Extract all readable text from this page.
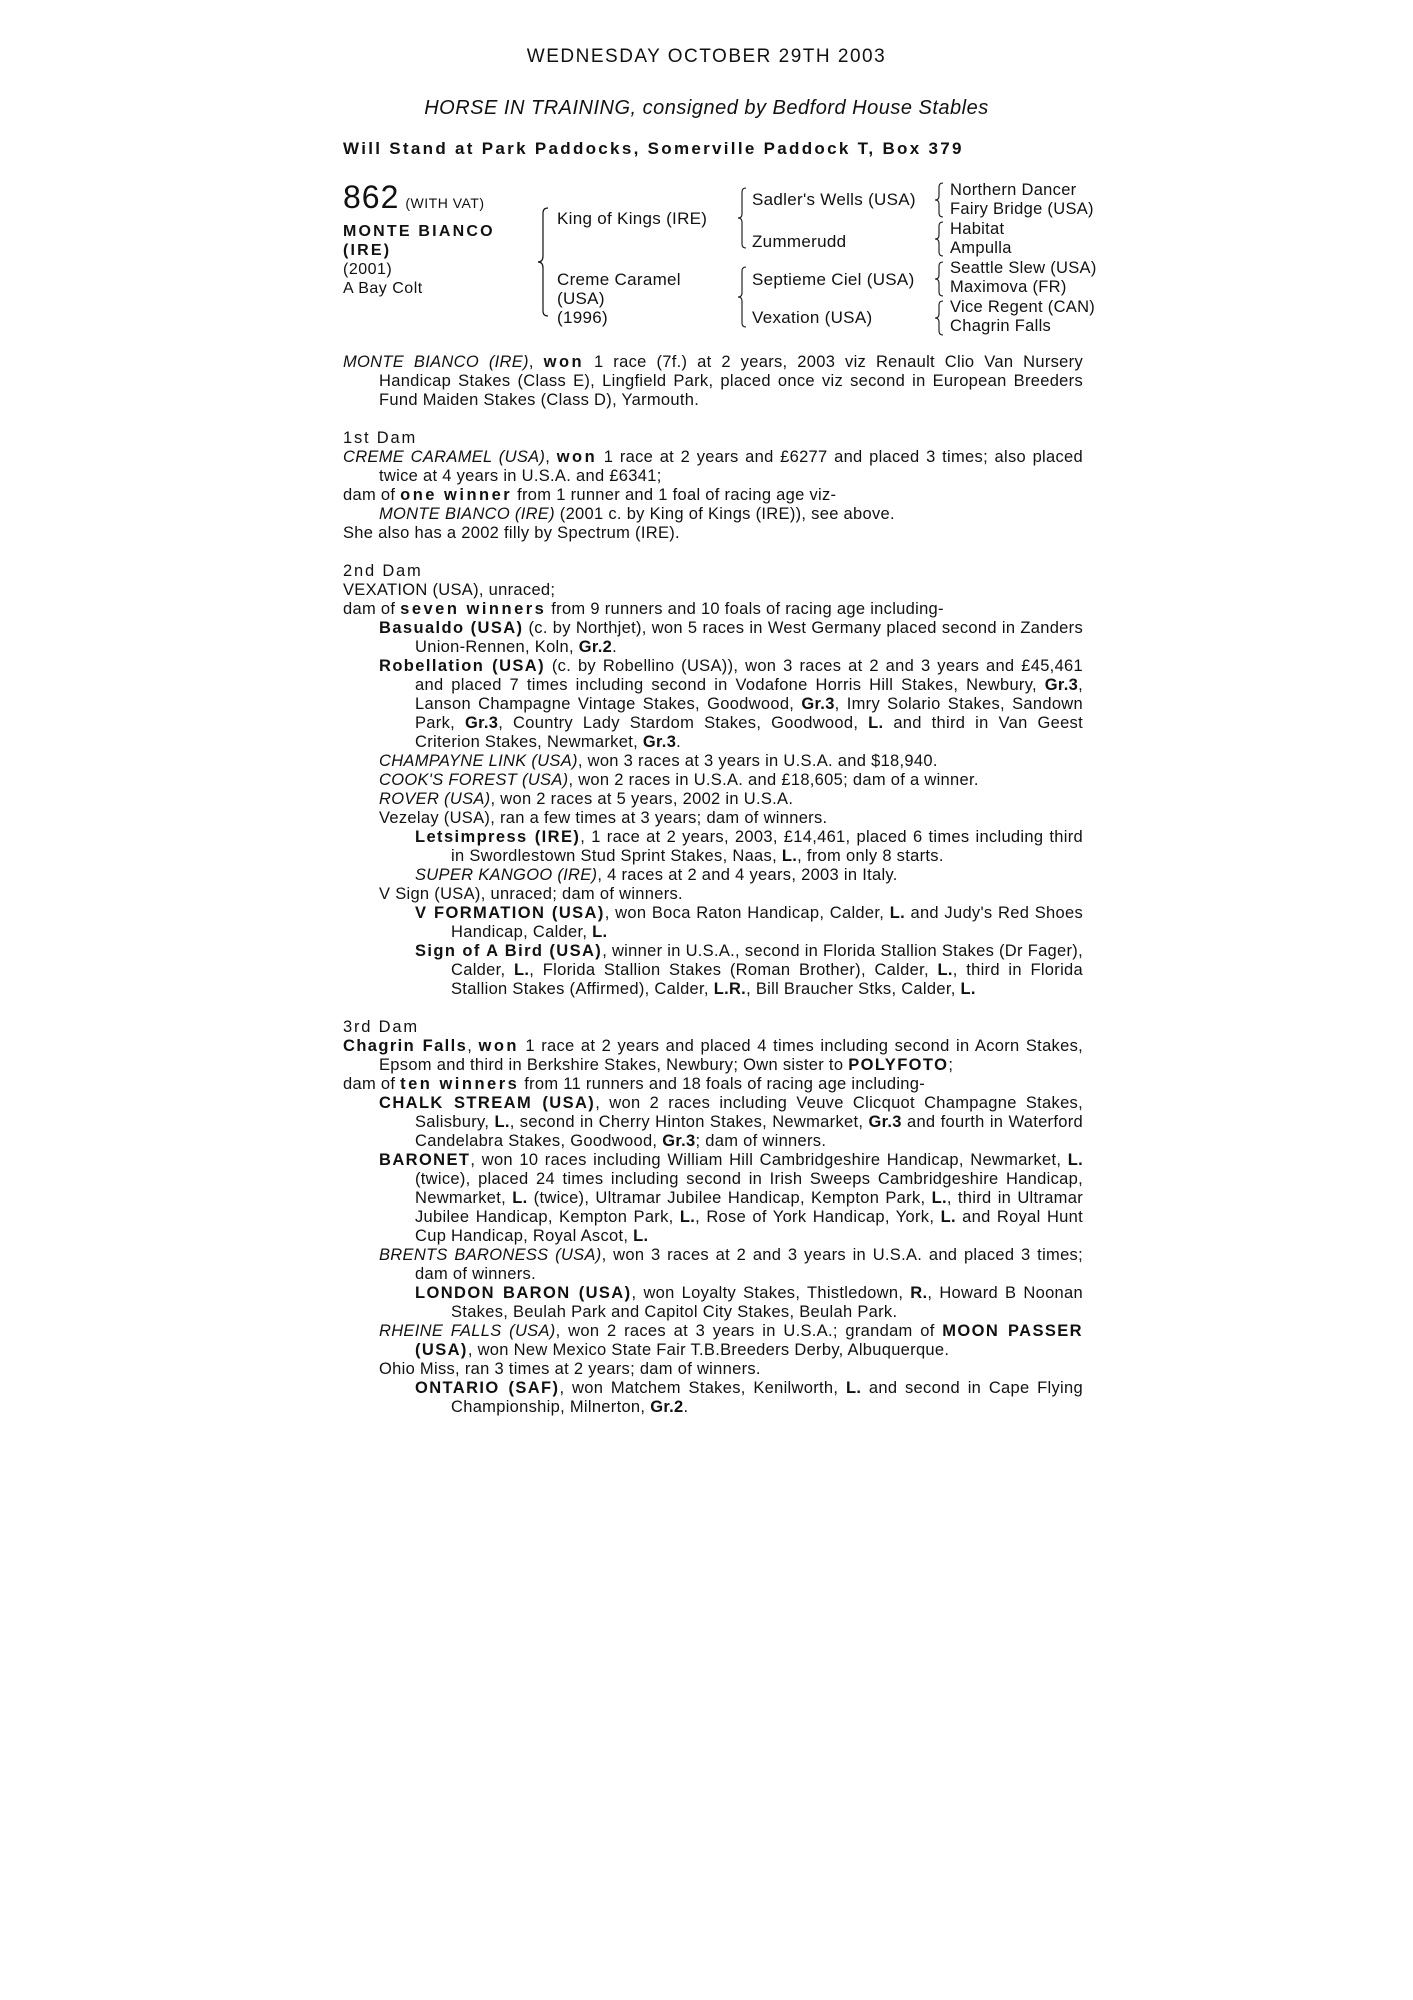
WEDNESDAY OCTOBER 29TH 2003
HORSE IN TRAINING, consigned by Bedford House Stables
Will Stand at Park Paddocks, Somerville Paddock T, Box 379
862 (WITH VAT)
MONTE BIANCO
(IRE)
(2001)
A Bay Colt
King of Kings (IRE)
Creme Caramel
(USA)
(1996)
Sadler's Wells (USA)
Zummerudd
Septieme Ciel (USA)
Vexation (USA)
Northern Dancer
Fairy Bridge (USA)
Habitat
Ampulla
Seattle Slew (USA)
Maximova (FR)
Vice Regent (CAN)
Chagrin Falls

MONTE BIANCO (IRE), won 1 race (7f.) at 2 years, 2003 viz Renault Clio Van Nursery Handicap Stakes (Class E), Lingfield Park, placed once viz second in European Breeders Fund Maiden Stakes (Class D), Yarmouth.

1st Dam

CREME CARAMEL (USA), won 1 race at 2 years and £6277 and placed 3 times; also placed twice at 4 years in U.S.A. and £6341;

dam of one winner from 1 runner and 1 foal of racing age viz-

MONTE BIANCO (IRE) (2001 c. by King of Kings (IRE)), see above.

She also has a 2002 filly by Spectrum (IRE).

2nd Dam

VEXATION (USA), unraced;

dam of seven winners from 9 runners and 10 foals of racing age including-

Basualdo (USA) (c. by Northjet), won 5 races in West Germany placed second in Zanders Union-Rennen, Koln, Gr.2.

Robellation (USA) (c. by Robellino (USA)), won 3 races at 2 and 3 years and £45,461 and placed 7 times including second in Vodafone Horris Hill Stakes, Newbury, Gr.3, Lanson Champagne Vintage Stakes, Goodwood, Gr.3, Imry Solario Stakes, Sandown Park, Gr.3, Country Lady Stardom Stakes, Goodwood, L. and third in Van Geest Criterion Stakes, Newmarket, Gr.3.

CHAMPAYNE LINK (USA), won 3 races at 3 years in U.S.A. and $18,940.

COOK'S FOREST (USA), won 2 races in U.S.A. and £18,605; dam of a winner.

ROVER (USA), won 2 races at 5 years, 2002 in U.S.A.

Vezelay (USA), ran a few times at 3 years; dam of winners.

Letsimpress (IRE), 1 race at 2 years, 2003, £14,461, placed 6 times including third in Swordlestown Stud Sprint Stakes, Naas, L., from only 8 starts.

SUPER KANGOO (IRE), 4 races at 2 and 4 years, 2003 in Italy.

V Sign (USA), unraced; dam of winners.

V FORMATION (USA), won Boca Raton Handicap, Calder, L. and Judy's Red Shoes Handicap, Calder, L.

Sign of A Bird (USA), winner in U.S.A., second in Florida Stallion Stakes (Dr Fager), Calder, L., Florida Stallion Stakes (Roman Brother), Calder, L., third in Florida Stallion Stakes (Affirmed), Calder, L.R., Bill Braucher Stks, Calder, L.

3rd Dam

Chagrin Falls, won 1 race at 2 years and placed 4 times including second in Acorn Stakes, Epsom and third in Berkshire Stakes, Newbury; Own sister to POLYFOTO;

dam of ten winners from 11 runners and 18 foals of racing age including-

CHALK STREAM (USA), won 2 races including Veuve Clicquot Champagne Stakes, Salisbury, L., second in Cherry Hinton Stakes, Newmarket, Gr.3 and fourth in Waterford Candelabra Stakes, Goodwood, Gr.3; dam of winners.

BARONET, won 10 races including William Hill Cambridgeshire Handicap, Newmarket, L. (twice), placed 24 times including second in Irish Sweeps Cambridgeshire Handicap, Newmarket, L. (twice), Ultramar Jubilee Handicap, Kempton Park, L., third in Ultramar Jubilee Handicap, Kempton Park, L., Rose of York Handicap, York, L. and Royal Hunt Cup Handicap, Royal Ascot, L.

BRENTS BARONESS (USA), won 3 races at 2 and 3 years in U.S.A. and placed 3 times; dam of winners.

LONDON BARON (USA), won Loyalty Stakes, Thistledown, R., Howard B Noonan Stakes, Beulah Park and Capitol City Stakes, Beulah Park.

RHEINE FALLS (USA), won 2 races at 3 years in U.S.A.; grandam of MOON PASSER (USA), won New Mexico State Fair T.B.Breeders Derby, Albuquerque.

Ohio Miss, ran 3 times at 2 years; dam of winners.

ONTARIO (SAF), won Matchem Stakes, Kenilworth, L. and second in Cape Flying Championship, Milnerton, Gr.2.
